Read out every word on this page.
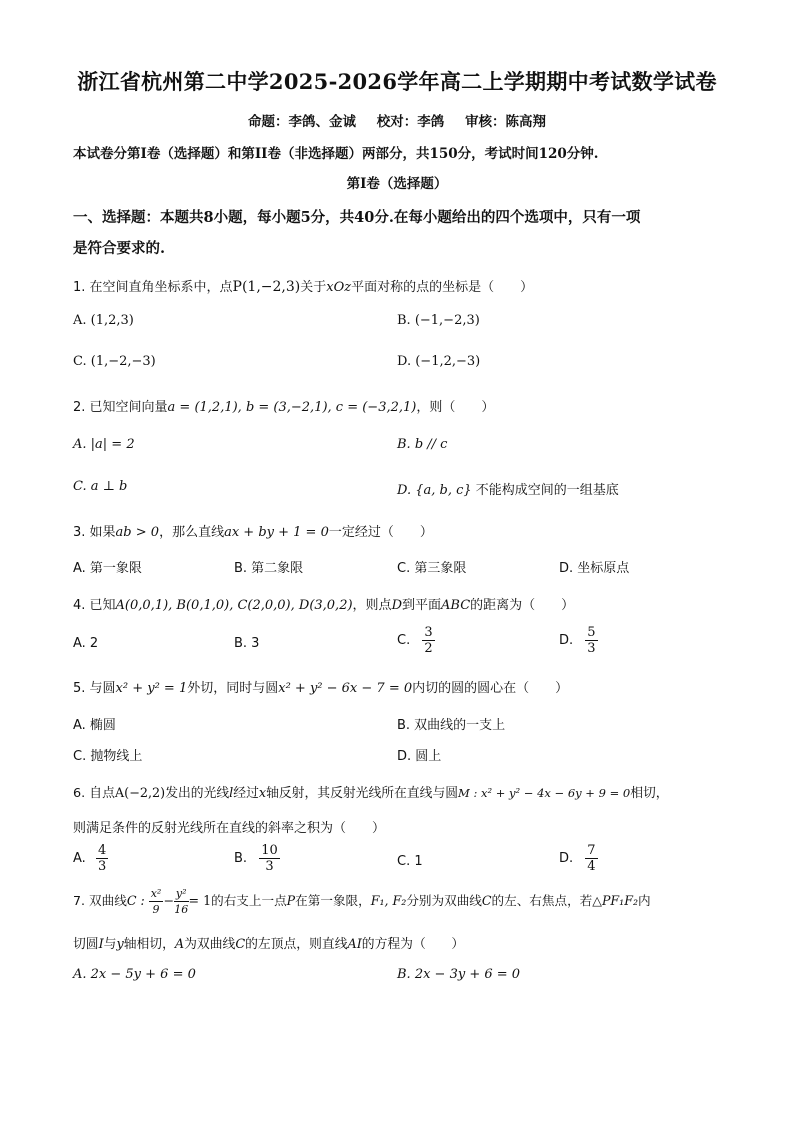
浙江省杭州第二中学2025-2026学年高二上学期期中考试数学试卷
命题：李鸽、金诚 校对：李鸽 审核：陈高翔
本试卷分第I卷（选择题）和第II卷（非选择题）两部分，共150分，考试时间120分钟.
第I卷（选择题）
一、选择题：本题共8小题，每小题5分，共40分.在每小题给出的四个选项中，只有一项
是符合要求的.
1. 在空间直角坐标系中，点P(1,−2,3)关于xOz平面对称的点的坐标是（　　）
A. (1,2,3)	B. (−1,−2,3)
C. (1,−2,−3)	D. (−1,2,−3)
2. 已知空间向量a = (1,2,1), b = (3,−2,1), c = (−3,2,1)，则（　　）
A. |a| = 2	B. b // c
C. a ⊥ b	D. {a, b, c} 不能构成空间的一组基底
3. 如果ab > 0，那么直线ax + by + 1 = 0一定经过（　　）
A. 第一象限	B. 第二象限	C. 第三象限	D. 坐标原点
4. 已知A(0,0,1), B(0,1,0), C(2,0,0), D(3,0,2)，则点D到平面ABC的距离为（　　）
A. 2	B. 3	C. $\frac{3}{2}$	D. $\frac{5}{3}$
5. 与圆x² + y² = 1外切，同时与圆x² + y² − 6x − 7 = 0内切的圆的圆心在（　　）
A. 椭圆	B. 双曲线的一支上
C. 抛物线上	D. 圆上
6. 自点A(−2,2)发出的光线l经过x轴反射，其反射光线所在直线与圆M : x² + y² − 4x − 6y + 9 = 0相切，
则满足条件的反射光线所在直线的斜率之积为（　　）
A. $\frac{4}{3}$	B. $\frac{10}{3}$	C. 1	D. $\frac{7}{4}$
7. 双曲线C : $\frac{\text{x²}}{9} - \frac{\text{y²}}{16} = 1$的右支上一点P在第一象限，F₁, F₂分别为双曲线C的左、右焦点，若△PF₁F₂内
切圆I与y轴相切，A为双曲线C的左顶点，则直线AI的方程为（　　）
A. 2x − 5y + 6 = 0	B. 2x − 3y + 6 = 0
